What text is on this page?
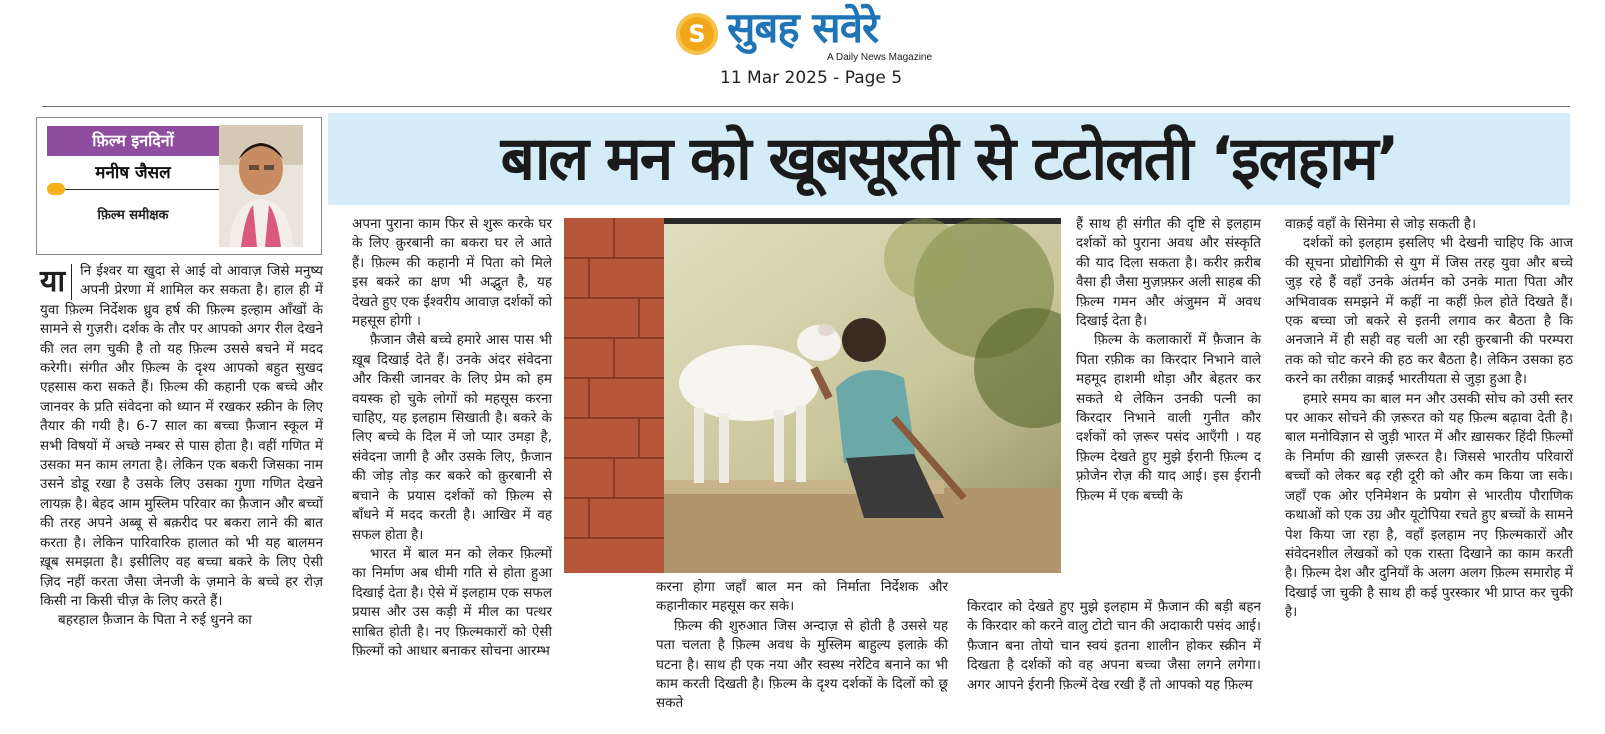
S सुबह सवेरे
A Daily News Magazine
11 Mar 2025 - Page 5
फ़िल्म इनदिनों
मनीष जैसल
फ़िल्म समीक्षक
बाल मन को खूबसूरती से टटोलती ‘इलहाम’
या	नि ईश्वर या खुदा से आई वो आवाज़ जिसे मनुष्य अपनी प्रेरणा में शामिल कर सकता है। हाल ही में युवा फ़िल्म निर्देशक ध्रुव हर्ष की फ़िल्म इल्हाम आँखों के सामने से गुज़री। दर्शक के तौर पर आपको अगर रील देखने की लत लग चुकी है तो यह फ़िल्म उससे बचने में मदद करेगी। संगीत और फ़िल्म के दृश्य आपको बहुत सुखद एहसास करा सकते हैं। फ़िल्म की कहानी एक बच्चे और जानवर के प्रति संवेदना को ध्यान में रखकर स्क्रीन के लिए तैयार की गयी है। 6-7 साल का बच्चा फ़ैजान स्कूल में सभी विषयों में अच्छे नम्बर से पास होता है। वहीं गणित में उसका मन काम लगता है। लेकिन एक बकरी जिसका नाम उसने डोडू रखा है उसके लिए उसका गुणा गणित देखने लायक़ है। बेहद आम मुस्लिम परिवार का फ़ैजान और बच्चों की तरह अपने अब्बू से बक़रीद पर बकरा लाने की बात करता है। लेकिन पारिवारिक हालात को भी यह बालमन ख़ूब समझता है। इसीलिए वह बच्चा बकरे के लिए ऐसी ज़िद नहीं करता जैसा जेनजी के ज़माने के बच्चे हर रोज़ किसी ना किसी चीज़ के लिए करते हैं।

बहरहाल फ़ैजान के पिता ने रुई धुनने का

अपना पुराना काम फिर से शुरू करके घर के लिए क़ुरबानी का बकरा घर ले आते हैं। फ़िल्म की कहानी में पिता को मिले इस बकरे का क्षण भी अद्भुत है, यह देखते हुए एक ईश्वरीय आवाज़ दर्शकों को महसूस होगी ।

फ़ैजान जैसे बच्चे हमारे आस पास भी ख़ूब दिखाई देते हैं। उनके अंदर संवेदना और किसी जानवर के लिए प्रेम को हम वयस्क हो चुके लोगों को महसूस करना चाहिए, यह इलहाम सिखाती है। बकरे के लिए बच्चे के दिल में जो प्यार उमड़ा है, संवेदना जागी है और उसके लिए, फ़ैजान की जोड़ तोड़ कर बकरे को क़ुरबानी से बचाने के प्रयास दर्शकों को फ़िल्म से बाँधने में मदद करती है। आखिर में वह सफल होता है।

भारत में बाल मन को लेकर फ़िल्मों का निर्माण अब धीमी गति से होता हुआ दिखाई देता है। ऐसे में इलहाम एक सफल प्रयास और उस कड़ी में मील का पत्थर साबित होती है। नए फ़िल्मकारों को ऐसी फ़िल्मों को आधार बनाकर सोचना आरम्भ

करना होगा जहाँ बाल मन को निर्माता निर्देशक और कहानीकार महसूस कर सके।

फ़िल्म की शुरुआत जिस अन्दाज़ से होती है उससे यह पता चलता है फ़िल्म अवध के मुस्लिम बाहुल्य इलाक़े की घटना है। साथ ही एक नया और स्वस्थ नरेटिव बनाने का भी काम करती दिखती है। फ़िल्म के दृश्य दर्शकों के दिलों को छू सकते

हैं साथ ही संगीत की दृष्टि से इलहाम दर्शकों को पुराना अवध और संस्कृति की याद दिला सकता है। करीर क़रीब वैसा ही जैसा मुज़फ़्फ़र अली साहब की फ़िल्म गमन और अंजुमन में अवध दिखाई देता है।

फ़िल्म के कलाकारों में फ़ैजान के पिता रफ़ीक का किरदार निभाने वाले महमूद हाशमी थोड़ा और बेहतर कर सकते थे लेकिन उनकी पत्नी का किरदार निभाने वाली गुनीत कौर दर्शकों को ज़रूर पसंद आएँगी । यह फ़िल्म देखते हुए मुझे ईरानी फ़िल्म द फ़्रोजेन रोज़ की याद आई। इस ईरानी फ़िल्म में एक बच्ची के

किरदार को देखते हुए मुझे इलहाम में फ़ैजान की बड़ी बहन के किरदार को करने वालु टोटो चान की अदाकारी पसंद आई। फ़ैजान बना तोयो चान स्वयं इतना शालीन होकर स्क्रीन में दिखता है दर्शकों को वह अपना बच्चा जैसा लगने लगेगा। अगर आपने ईरानी फ़िल्में देख रखी हैं तो आपको यह फ़िल्म

वाक़ई वहाँ के सिनेमा से जोड़ सकती है।

दर्शकों को इलहाम इसलिए भी देखनी चाहिए कि आज की सूचना प्रोद्योगिकी से युग में जिस तरह युवा और बच्चे जुड़ रहे हैं वहाँ उनके अंतर्मन को उनके माता पिता और अभिवावक समझने में कहीं ना कहीं फ़ेल होते दिखते हैं। एक बच्चा जो बकरे से इतनी लगाव कर बैठता है कि अनजाने में ही सही वह चली आ रही क़ुरबानी की परम्परा तक को चोट करने की हठ कर बैठता है। लेकिन उसका हठ करने का तरीक़ा वाक़ई भारतीयता से जुड़ा हुआ है।

हमारे समय का बाल मन और उसकी सोच को उसी स्तर पर आकर सोचने की ज़रूरत को यह फ़िल्म बढ़ावा देती है। बाल मनोविज्ञान से जुड़ी भारत में और ख़ासकर हिंदी फ़िल्मों के निर्माण की ख़ासी ज़रूरत है। जिससे भारतीय परिवारों बच्चों को लेकर बढ़ रही दूरी को और कम किया जा सके। जहाँ एक ओर एनिमेशन के प्रयोग से भारतीय पौराणिक कथाओं को एक उग्र और यूटोपिया रचते हुए बच्चों के सामने पेश किया जा रहा है, वहाँ इलहाम नए फ़िल्मकारों और संवेदनशील लेखकों को एक रास्ता दिखाने का काम करती है। फ़िल्म देश और दुनियाँ के अलग अलग फ़िल्म समारोह में दिखाई जा चुकी है साथ ही कई पुरस्कार भी प्राप्त कर चुकी है।
